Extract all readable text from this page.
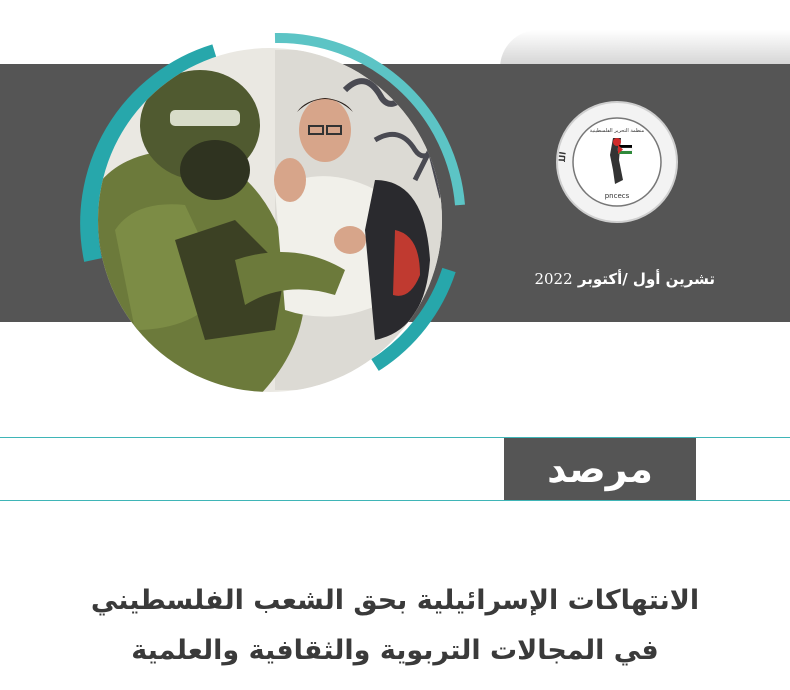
الل
منظمة التحرير الفلسطينية
pncecs
تشرين أول /أكتوبر 2022
مرصد
الانتهاكات الإسرائيلية بحق الشعب الفلسطيني
في المجالات التربوية والثقافية والعلمية
